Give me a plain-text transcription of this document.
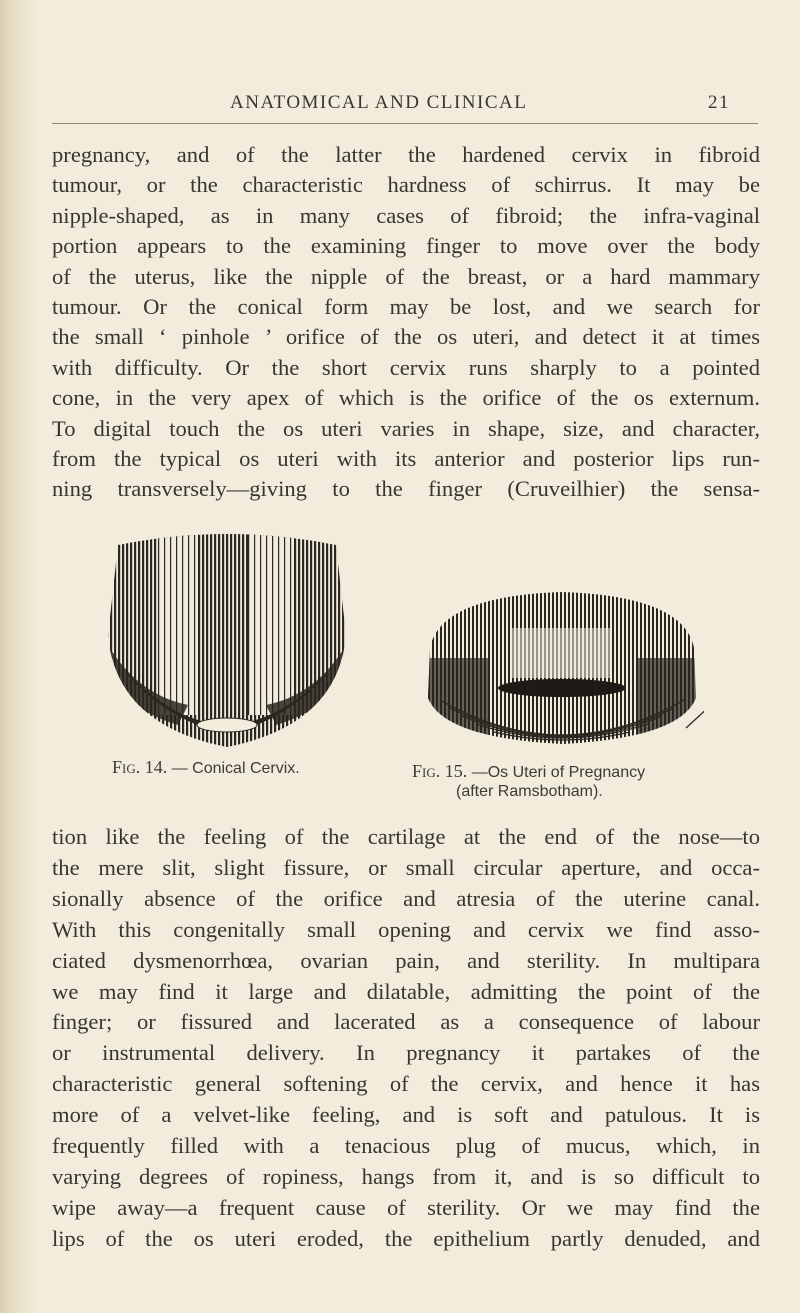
ANATOMICAL AND CLINICAL	21

pregnancy, and of the latter the hardened cervix in fibroid
tumour, or the characteristic hardness of schirrus. It may be
nipple-shaped, as in many cases of fibroid; the infra-vaginal
portion appears to the examining finger to move over the body
of the uterus, like the nipple of the breast, or a hard mammary
tumour. Or the conical form may be lost, and we search for
the small ‘ pinhole ’ orifice of the os uteri, and detect it at times
with difficulty. Or the short cervix runs sharply to a pointed
cone, in the very apex of which is the orifice of the os externum.
To digital touch the os uteri varies in shape, size, and character,
from the typical os uteri with its anterior and posterior lips run-
ning transversely—giving to the finger (Cruveilhier) the sensa-

Fig. 14. — Conical Cervix.	Fig. 15. —Os Uteri of Pregnancy
(after Ramsbotham).

tion like the feeling of the cartilage at the end of the nose—to
the mere slit, slight fissure, or small circular aperture, and occa-
sionally absence of the orifice and atresia of the uterine canal.
With this congenitally small opening and cervix we find asso-
ciated dysmenorrhœa, ovarian pain, and sterility. In multipara
we may find it large and dilatable, admitting the point of the
finger; or fissured and lacerated as a consequence of labour
or instrumental delivery. In pregnancy it partakes of the
characteristic general softening of the cervix, and hence it has
more of a velvet-like feeling, and is soft and patulous. It is
frequently filled with a tenacious plug of mucus, which, in
varying degrees of ropiness, hangs from it, and is so difficult to
wipe away—a frequent cause of sterility. Or we may find the
lips of the os uteri eroded, the epithelium partly denuded, and
